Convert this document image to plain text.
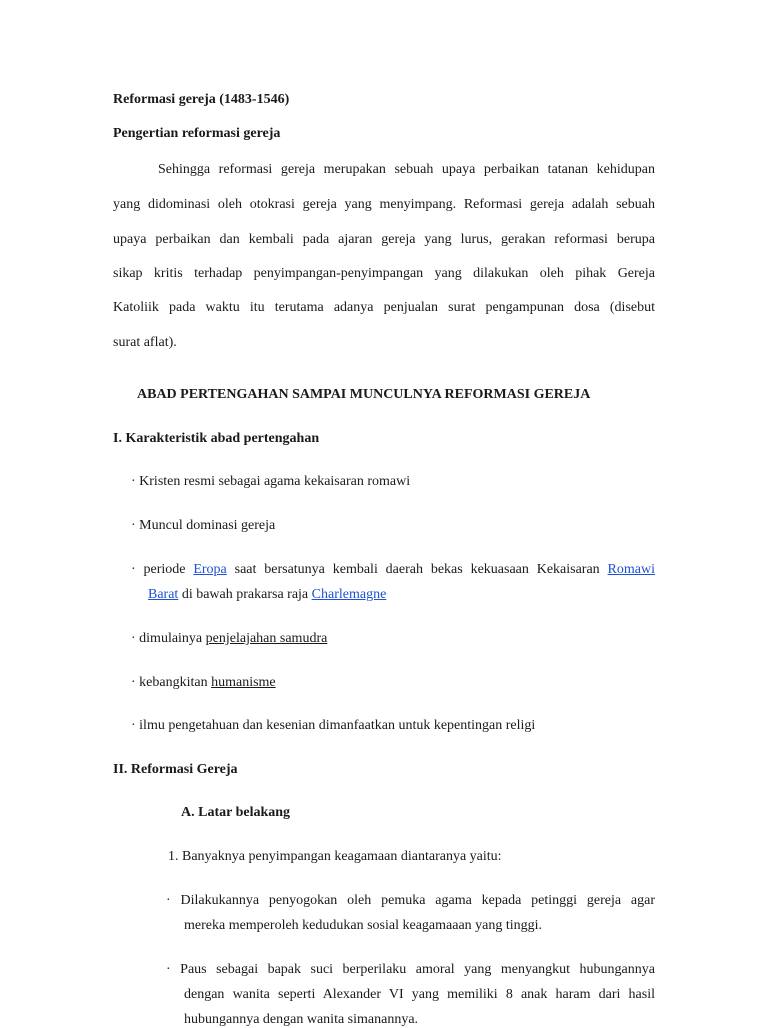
Reformasi gereja (1483-1546)
Pengertian reformasi gereja
Sehingga reformasi gereja merupakan sebuah upaya perbaikan tatanan kehidupan
yang didominasi oleh otokrasi gereja yang menyimpang. Reformasi gereja adalah sebuah
upaya perbaikan dan kembali pada ajaran gereja yang lurus, gerakan reformasi berupa
sikap kritis terhadap penyimpangan-penyimpangan yang dilakukan oleh pihak Gereja
Katoliik pada waktu itu terutama adanya penjualan surat pengampunan dosa (disebut
surat aflat).
ABAD PERTENGAHAN SAMPAI MUNCULNYA REFORMASI GEREJA
I. Karakteristik abad pertengahan
· Kristen resmi sebagai agama kekaisaran romawi
· Muncul dominasi gereja
· periode Eropa saat bersatunya kembali daerah bekas kekuasaan Kekaisaran Romawi
Barat di bawah prakarsa raja Charlemagne
· dimulainya penjelajahan samudra
· kebangkitan humanisme
· ilmu pengetahuan dan kesenian dimanfaatkan untuk kepentingan religi
II. Reformasi Gereja
A. Latar belakang
1. Banyaknya penyimpangan keagamaan diantaranya yaitu:
· Dilakukannya penyogokan oleh pemuka agama kepada petinggi gereja agar
mereka memperoleh kedudukan sosial keagamaaan yang tinggi.
· Paus sebagai bapak suci berperilaku amoral yang menyangkut hubungannya
dengan wanita seperti Alexander VI yang memiliki 8 anak haram dari hasil
hubungannya dengan wanita simanannya.
